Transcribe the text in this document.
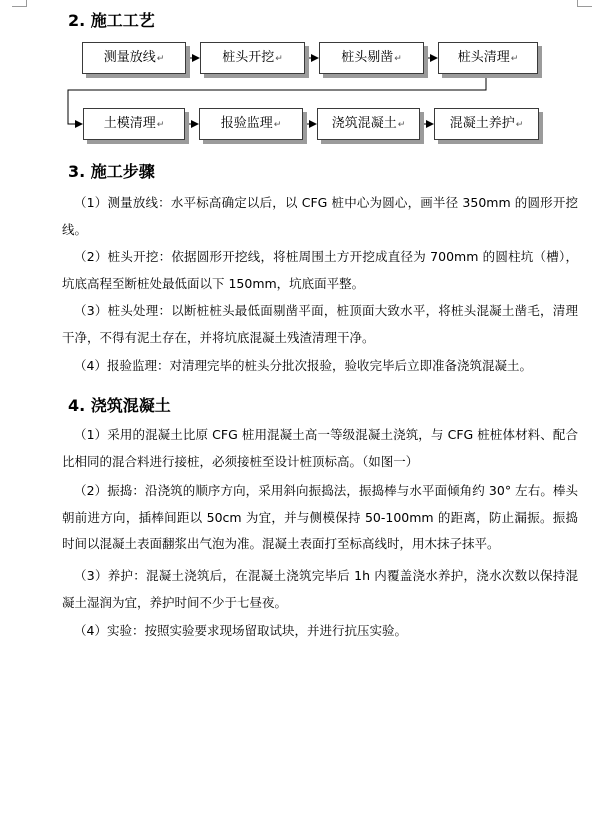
2. 施工工艺
测量放线↵	桩头开挖↵	桩头剔凿↵	桩头清理↵
土模清理↵	报验监理↵	浇筑混凝土↵	混凝土养护↵
3. 施工步骤
（1）测量放线：水平标高确定以后，以 CFG 桩中心为圆心，画半径 350mm 的圆形开挖线。
（2）桩头开挖：依据圆形开挖线，将桩周围土方开挖成直径为 700mm 的圆柱坑（槽），坑底高程至断桩处最低面以下 150mm，坑底面平整。
（3）桩头处理：以断桩桩头最低面剔凿平面，桩顶面大致水平，将桩头混凝土凿毛，清理干净，不得有泥土存在，并将坑底混凝土残渣清理干净。
（4）报验监理：对清理完毕的桩头分批次报验，验收完毕后立即准备浇筑混凝土。
4. 浇筑混凝土
（1）采用的混凝土比原 CFG 桩用混凝土高一等级混凝土浇筑，与 CFG 桩桩体材料、配合比相同的混合料进行接桩，必须接桩至设计桩顶标高。（如图一）
（2）振捣：沿浇筑的顺序方向，采用斜向振捣法，振捣棒与水平面倾角约 30° 左右。棒头朝前进方向，插棒间距以 50cm 为宜，并与侧模保持 50-100mm 的距离，防止漏振。振捣时间以混凝土表面翻浆出气泡为准。混凝土表面打至标高线时，用木抹子抹平。
（3）养护：混凝土浇筑后，在混凝土浇筑完毕后 1h 内覆盖浇水养护，浇水次数以保持混凝土湿润为宜，养护时间不少于七昼夜。
（4）实验：按照实验要求现场留取试块，并进行抗压实验。
